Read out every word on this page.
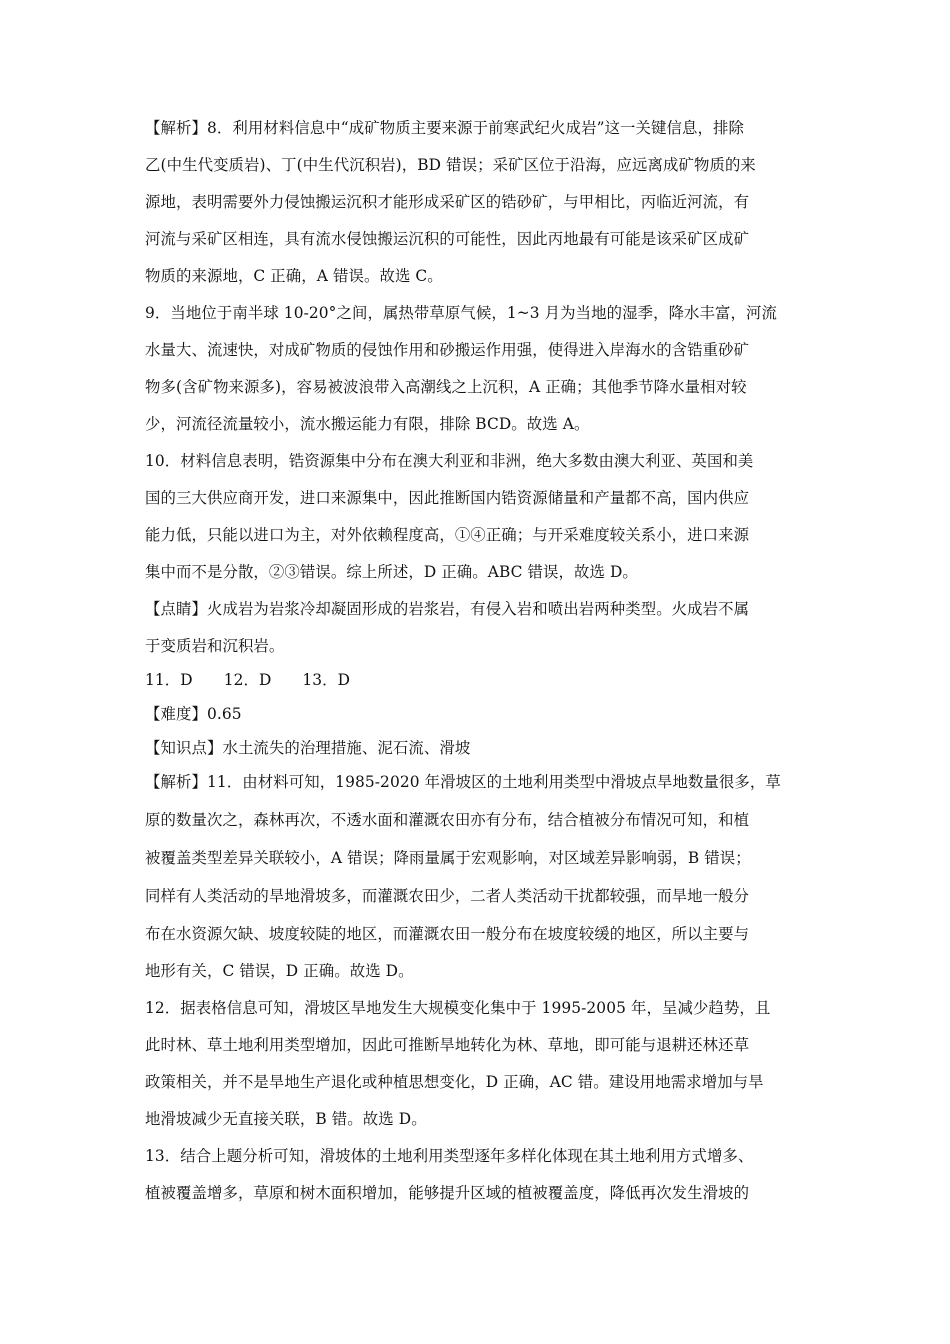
【解析】8．利用材料信息中“成矿物质主要来源于前寒武纪火成岩”这一关键信息，排除
乙(中生代变质岩)、丁(中生代沉积岩)，BD 错误；采矿区位于沿海，应远离成矿物质的来
源地，表明需要外力侵蚀搬运沉积才能形成采矿区的锆砂矿，与甲相比，丙临近河流，有
河流与采矿区相连，具有流水侵蚀搬运沉积的可能性，因此丙地最有可能是该采矿区成矿
物质的来源地，C 正确，A 错误。故选 C。
9．当地位于南半球 10-20°之间，属热带草原气候，1~3 月为当地的湿季，降水丰富，河流
水量大、流速快，对成矿物质的侵蚀作用和砂搬运作用强，使得进入岸海水的含锆重砂矿
物多(含矿物来源多)，容易被波浪带入高潮线之上沉积，A 正确；其他季节降水量相对较
少，河流径流量较小，流水搬运能力有限，排除 BCD。故选 A。
10．材料信息表明，锆资源集中分布在澳大利亚和非洲，绝大多数由澳大利亚、英国和美
国的三大供应商开发，进口来源集中，因此推断国内锆资源储量和产量都不高，国内供应
能力低，只能以进口为主，对外依赖程度高，①④正确；与开采难度较关系小，进口来源
集中而不是分散，②③错误。综上所述，D 正确。ABC 错误，故选 D。
【点睛】火成岩为岩浆冷却凝固形成的岩浆岩，有侵入岩和喷出岩两种类型。火成岩不属
于变质岩和沉积岩。
11．D　　12．D　　13．D
【难度】0.65
【知识点】水土流失的治理措施、泥石流、滑坡
【解析】11．由材料可知，1985-2020 年滑坡区的土地利用类型中滑坡点旱地数量很多，草
原的数量次之，森林再次，不透水面和灌溉农田亦有分布，结合植被分布情况可知，和植
被覆盖类型差异关联较小，A 错误；降雨量属于宏观影响，对区域差异影响弱，B 错误；
同样有人类活动的旱地滑坡多，而灌溉农田少，二者人类活动干扰都较强，而旱地一般分
布在水资源欠缺、坡度较陡的地区，而灌溉农田一般分布在坡度较缓的地区，所以主要与
地形有关，C 错误，D 正确。故选 D。
12．据表格信息可知，滑坡区旱地发生大规模变化集中于 1995-2005 年，呈减少趋势，且
此时林、草土地利用类型增加，因此可推断旱地转化为林、草地，即可能与退耕还林还草
政策相关，并不是旱地生产退化或种植思想变化，D 正确，AC 错。建设用地需求增加与旱
地滑坡减少无直接关联，B 错。故选 D。
13．结合上题分析可知，滑坡体的土地利用类型逐年多样化体现在其土地利用方式增多、
植被覆盖增多，草原和树木面积增加，能够提升区域的植被覆盖度，降低再次发生滑坡的
